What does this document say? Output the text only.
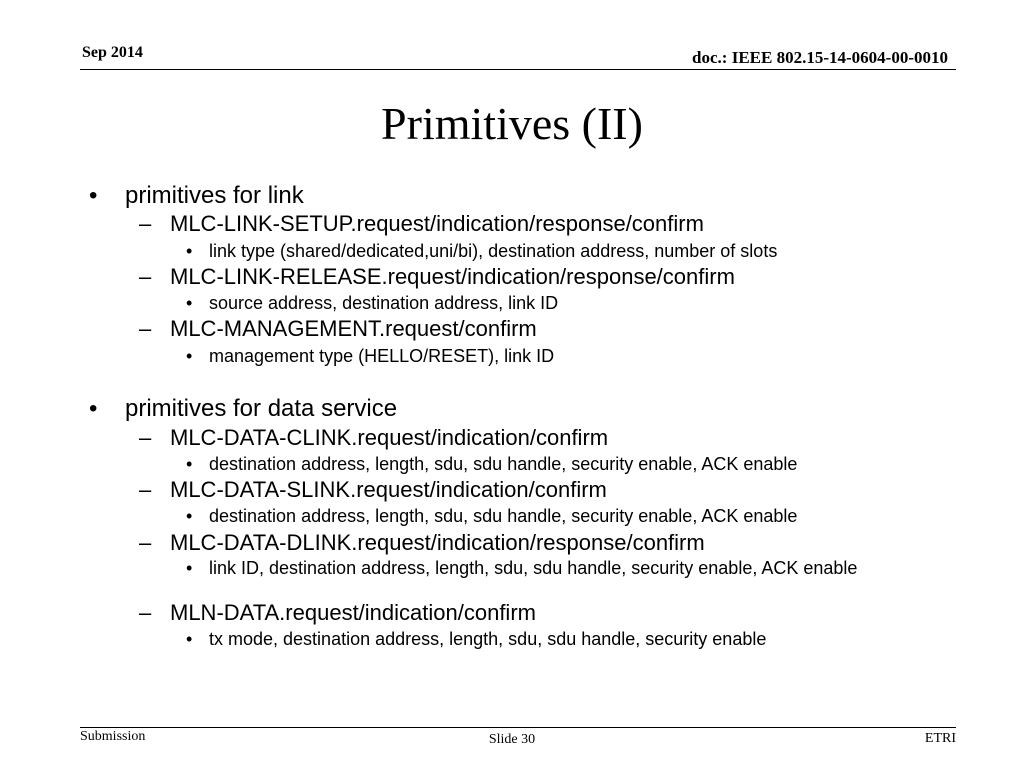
Sep 2014	doc.: IEEE 802.15-14-0604-00-0010
Primitives (II)
• primitives for link
– MLC-LINK-SETUP.request/indication/response/confirm
• link type (shared/dedicated,uni/bi), destination address, number of slots
– MLC-LINK-RELEASE.request/indication/response/confirm
• source address, destination address, link ID
– MLC-MANAGEMENT.request/confirm
• management type (HELLO/RESET), link ID
• primitives for data service
– MLC-DATA-CLINK.request/indication/confirm
• destination address, length, sdu, sdu handle, security enable, ACK enable
– MLC-DATA-SLINK.request/indication/confirm
• destination address, length, sdu, sdu handle, security enable, ACK enable
– MLC-DATA-DLINK.request/indication/response/confirm
• link ID, destination address, length, sdu, sdu handle, security enable, ACK enable
– MLN-DATA.request/indication/confirm
• tx mode, destination address, length, sdu, sdu handle, security enable
Submission	Slide 30	ETRI
